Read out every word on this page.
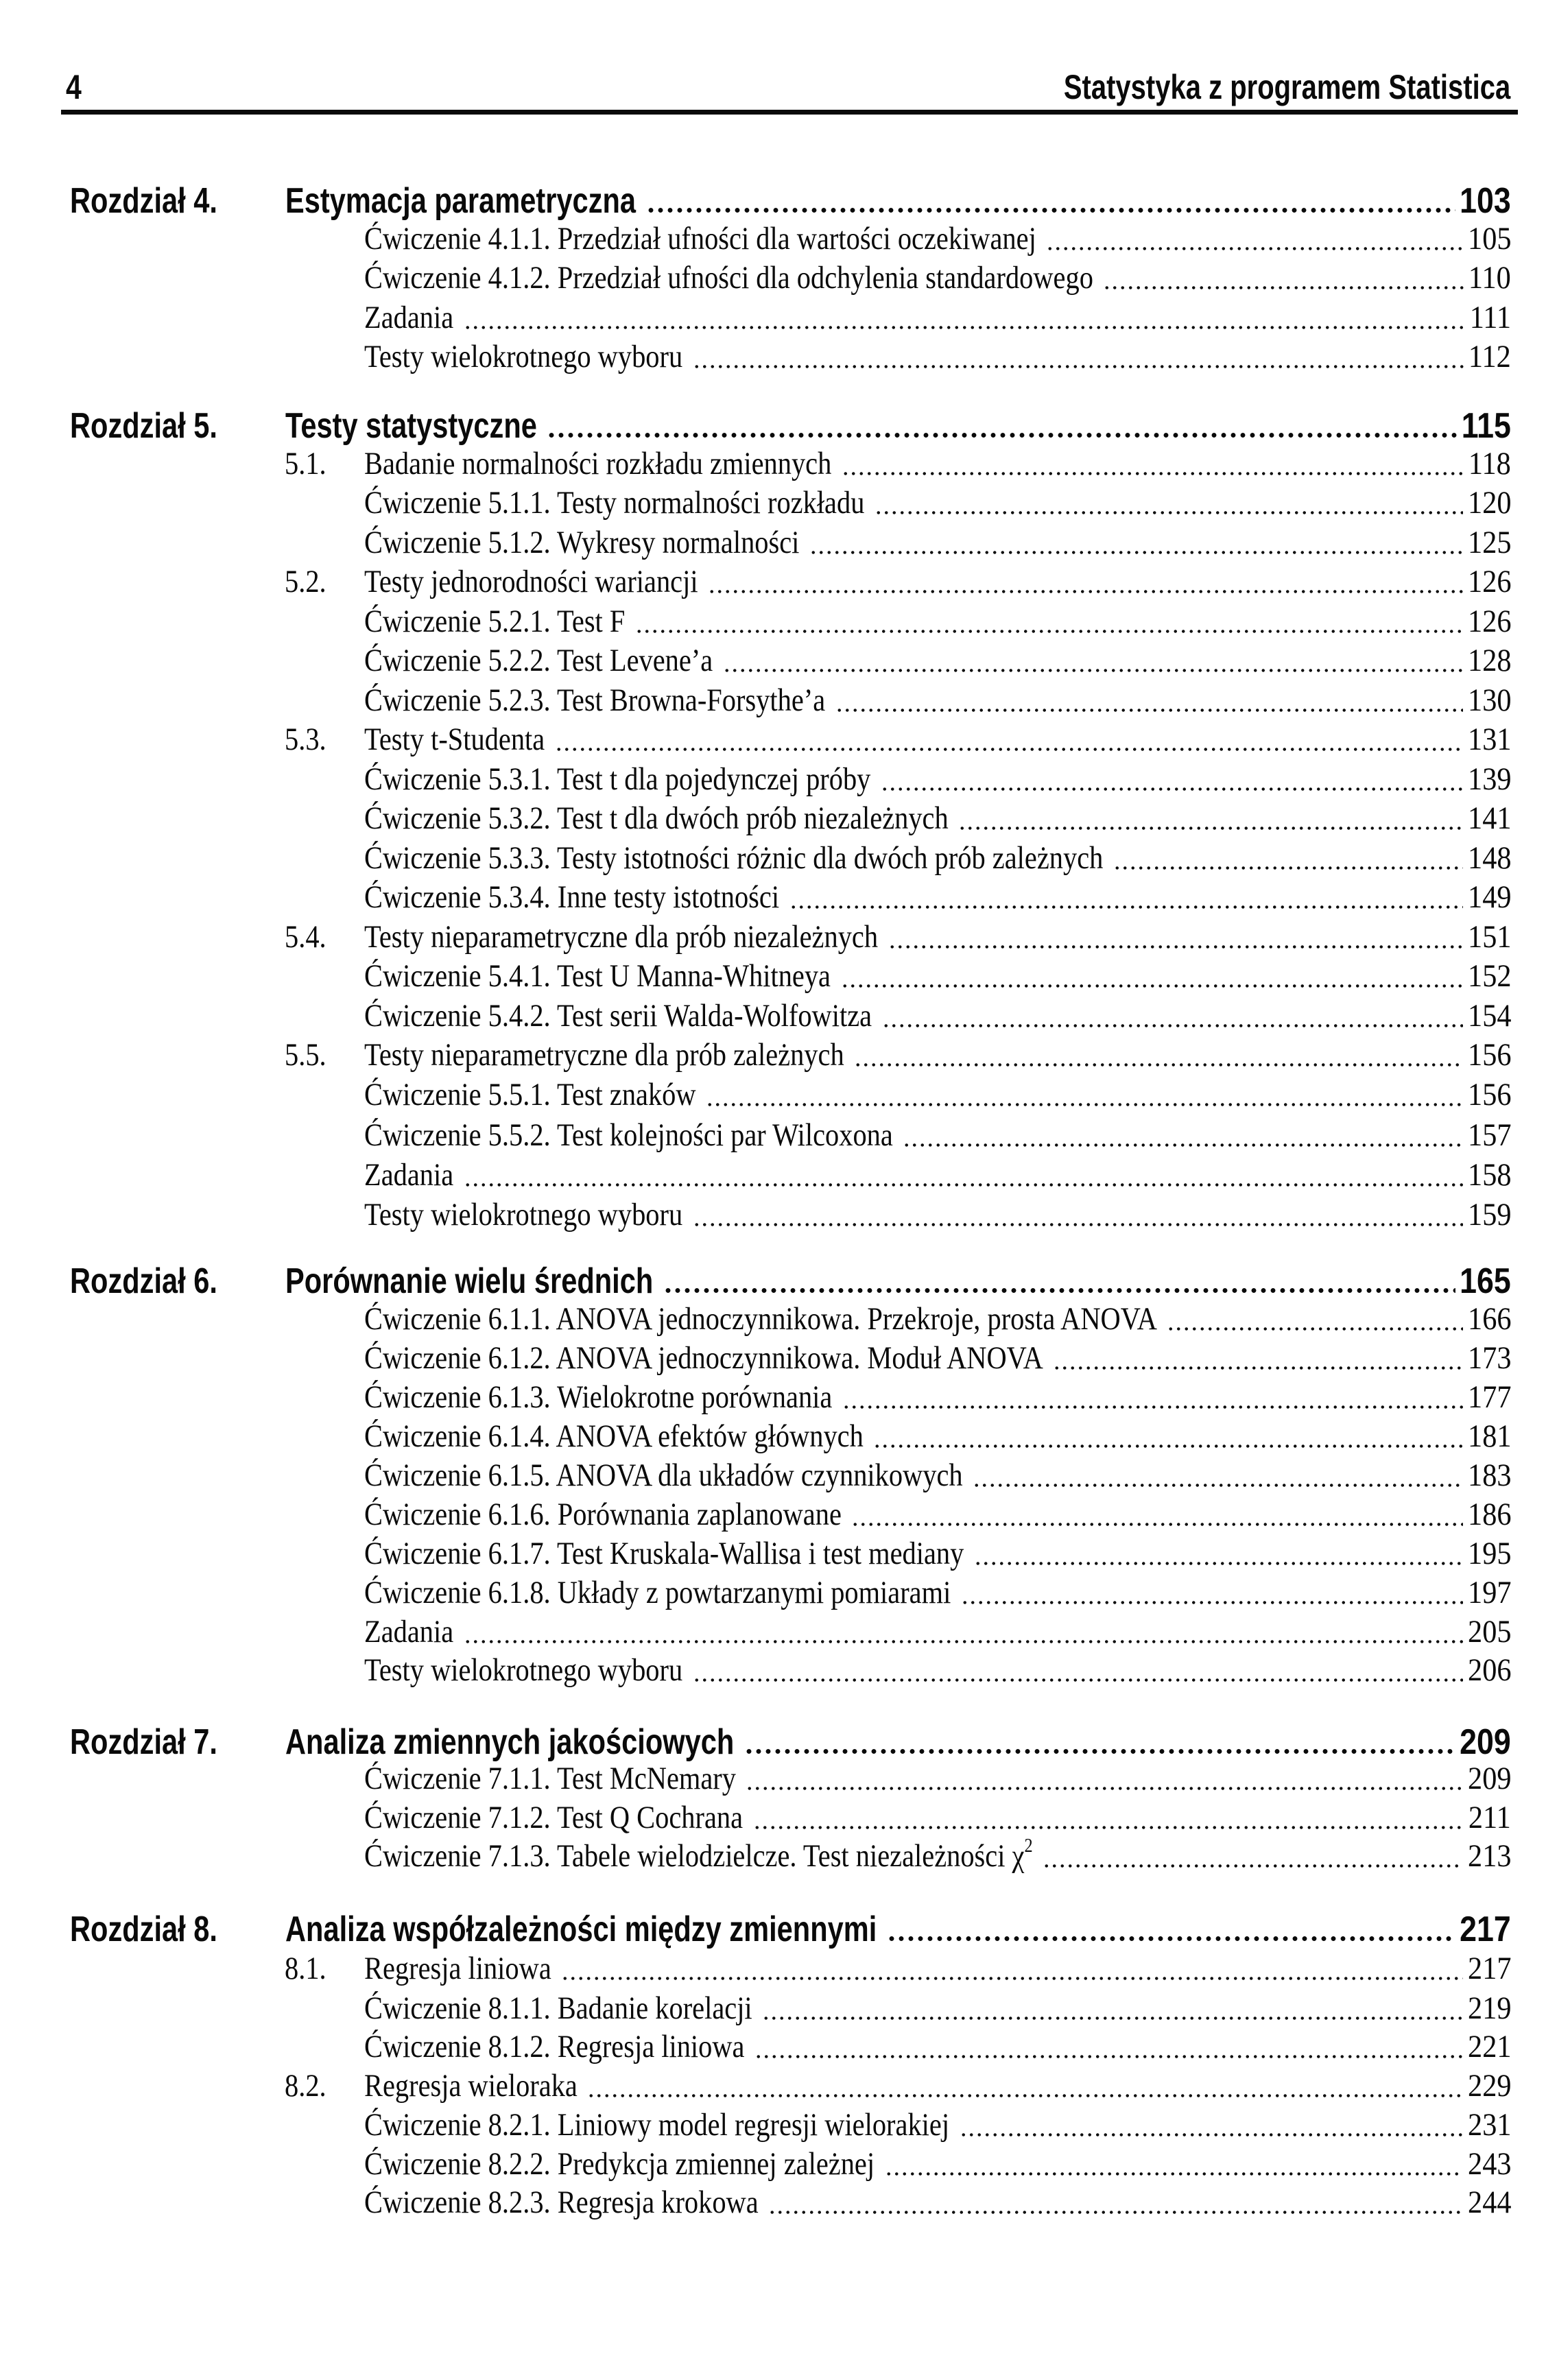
4	Statystyka z programem Statistica
Rozdział 4. Estymacja parametryczna	103
Ćwiczenie 4.1.1. Przedział ufności dla wartości oczekiwanej	105
Ćwiczenie 4.1.2. Przedział ufności dla odchylenia standardowego	110
Zadania	111
Testy wielokrotnego wyboru	112
Rozdział 5. Testy statystyczne	115
5.1. Badanie normalności rozkładu zmiennych	118
Ćwiczenie 5.1.1. Testy normalności rozkładu	120
Ćwiczenie 5.1.2. Wykresy normalności	125
5.2. Testy jednorodności wariancji	126
Ćwiczenie 5.2.1. Test F	126
Ćwiczenie 5.2.2. Test Levene’a	128
Ćwiczenie 5.2.3. Test Browna-Forsythe’a	130
5.3. Testy t-Studenta	131
Ćwiczenie 5.3.1. Test t dla pojedynczej próby	139
Ćwiczenie 5.3.2. Test t dla dwóch prób niezależnych	141
Ćwiczenie 5.3.3. Testy istotności różnic dla dwóch prób zależnych	148
Ćwiczenie 5.3.4. Inne testy istotności	149
5.4. Testy nieparametryczne dla prób niezależnych	151
Ćwiczenie 5.4.1. Test U Manna-Whitneya	152
Ćwiczenie 5.4.2. Test serii Walda-Wolfowitza	154
5.5. Testy nieparametryczne dla prób zależnych	156
Ćwiczenie 5.5.1. Test znaków	156
Ćwiczenie 5.5.2. Test kolejności par Wilcoxona	157
Zadania	158
Testy wielokrotnego wyboru	159
Rozdział 6. Porównanie wielu średnich	165
Ćwiczenie 6.1.1. ANOVA jednoczynnikowa. Przekroje, prosta ANOVA	166
Ćwiczenie 6.1.2. ANOVA jednoczynnikowa. Moduł ANOVA	173
Ćwiczenie 6.1.3. Wielokrotne porównania	177
Ćwiczenie 6.1.4. ANOVA efektów głównych	181
Ćwiczenie 6.1.5. ANOVA dla układów czynnikowych	183
Ćwiczenie 6.1.6. Porównania zaplanowane	186
Ćwiczenie 6.1.7. Test Kruskala-Wallisa i test mediany	195
Ćwiczenie 6.1.8. Układy z powtarzanymi pomiarami	197
Zadania	205
Testy wielokrotnego wyboru	206
Rozdział 7. Analiza zmiennych jakościowych	209
Ćwiczenie 7.1.1. Test McNemary	209
Ćwiczenie 7.1.2. Test Q Cochrana	211
Ćwiczenie 7.1.3. Tabele wielodzielcze. Test niezależności $\chi^2$	213
Rozdział 8. Analiza współzależności między zmiennymi	217
8.1. Regresja liniowa	217
Ćwiczenie 8.1.1. Badanie korelacji	219
Ćwiczenie 8.1.2. Regresja liniowa	221
8.2. Regresja wieloraka	229
Ćwiczenie 8.2.1. Liniowy model regresji wielorakiej	231
Ćwiczenie 8.2.2. Predykcja zmiennej zależnej	243
Ćwiczenie 8.2.3. Regresja krokowa	244
